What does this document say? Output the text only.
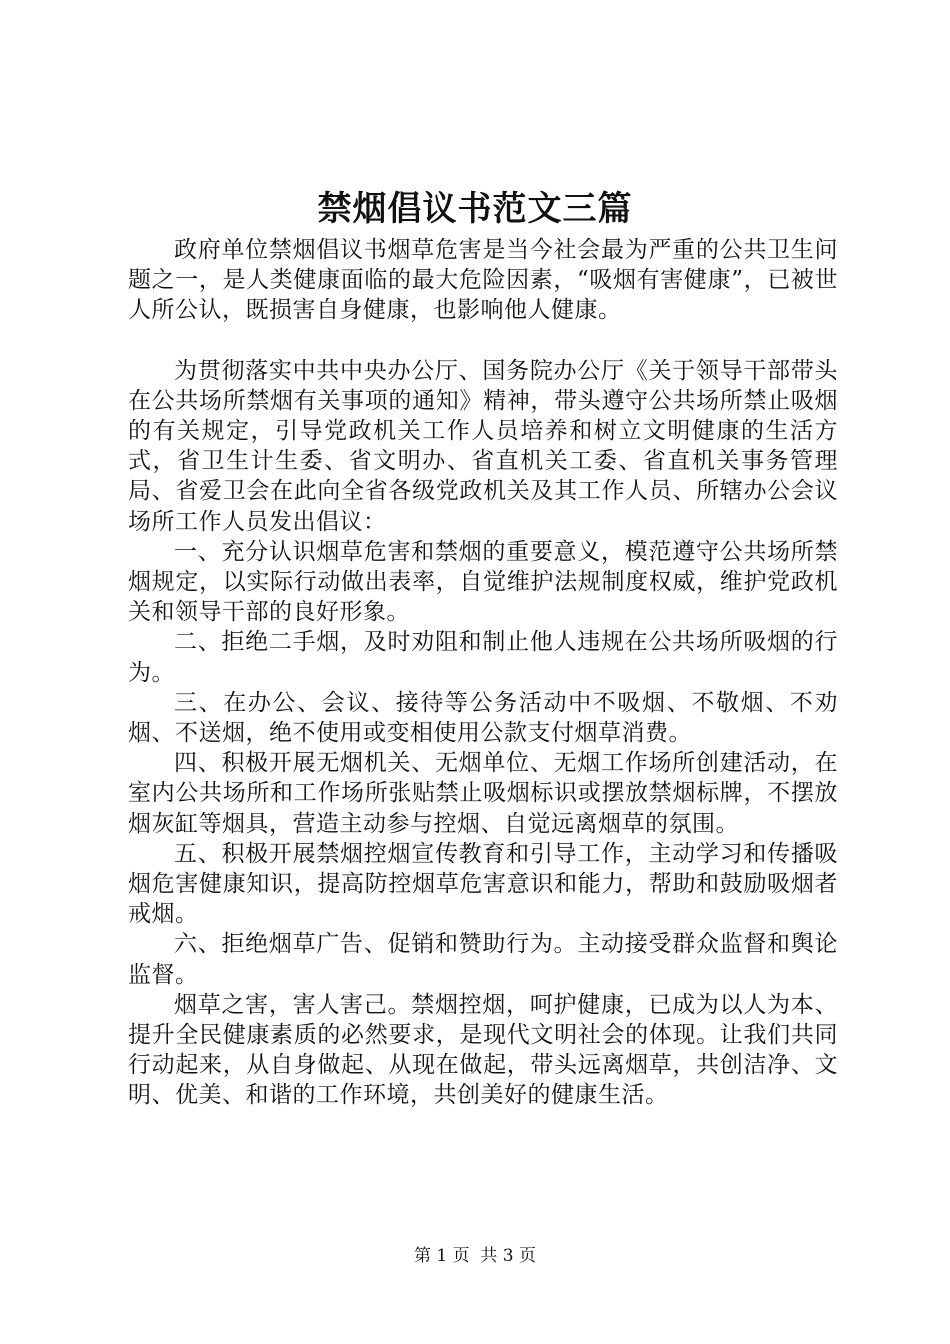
禁烟倡议书范文三篇

政府单位禁烟倡议书烟草危害是当今社会最为严重的公共卫生问题之一，是人类健康面临的最大危险因素，“吸烟有害健康”，已被世人所公认，既损害自身健康，也影响他人健康。

为贯彻落实中共中央办公厅、国务院办公厅《关于领导干部带头在公共场所禁烟有关事项的通知》精神，带头遵守公共场所禁止吸烟的有关规定，引导党政机关工作人员培养和树立文明健康的生活方式，省卫生计生委、省文明办、省直机关工委、省直机关事务管理局、省爱卫会在此向全省各级党政机关及其工作人员、所辖办公会议场所工作人员发出倡议：

一、充分认识烟草危害和禁烟的重要意义，模范遵守公共场所禁烟规定，以实际行动做出表率，自觉维护法规制度权威，维护党政机关和领导干部的良好形象。

二、拒绝二手烟，及时劝阻和制止他人违规在公共场所吸烟的行为。

三、在办公、会议、接待等公务活动中不吸烟、不敬烟、不劝烟、不送烟，绝不使用或变相使用公款支付烟草消费。

四、积极开展无烟机关、无烟单位、无烟工作场所创建活动，在室内公共场所和工作场所张贴禁止吸烟标识或摆放禁烟标牌，不摆放烟灰缸等烟具，营造主动参与控烟、自觉远离烟草的氛围。

五、积极开展禁烟控烟宣传教育和引导工作，主动学习和传播吸烟危害健康知识，提高防控烟草危害意识和能力，帮助和鼓励吸烟者戒烟。

六、拒绝烟草广告、促销和赞助行为。主动接受群众监督和舆论监督。

烟草之害，害人害己。禁烟控烟，呵护健康，已成为以人为本、提升全民健康素质的必然要求，是现代文明社会的体现。让我们共同行动起来，从自身做起、从现在做起，带头远离烟草，共创洁净、文明、优美、和谐的工作环境，共创美好的健康生活。

第 1 页 共 3 页
